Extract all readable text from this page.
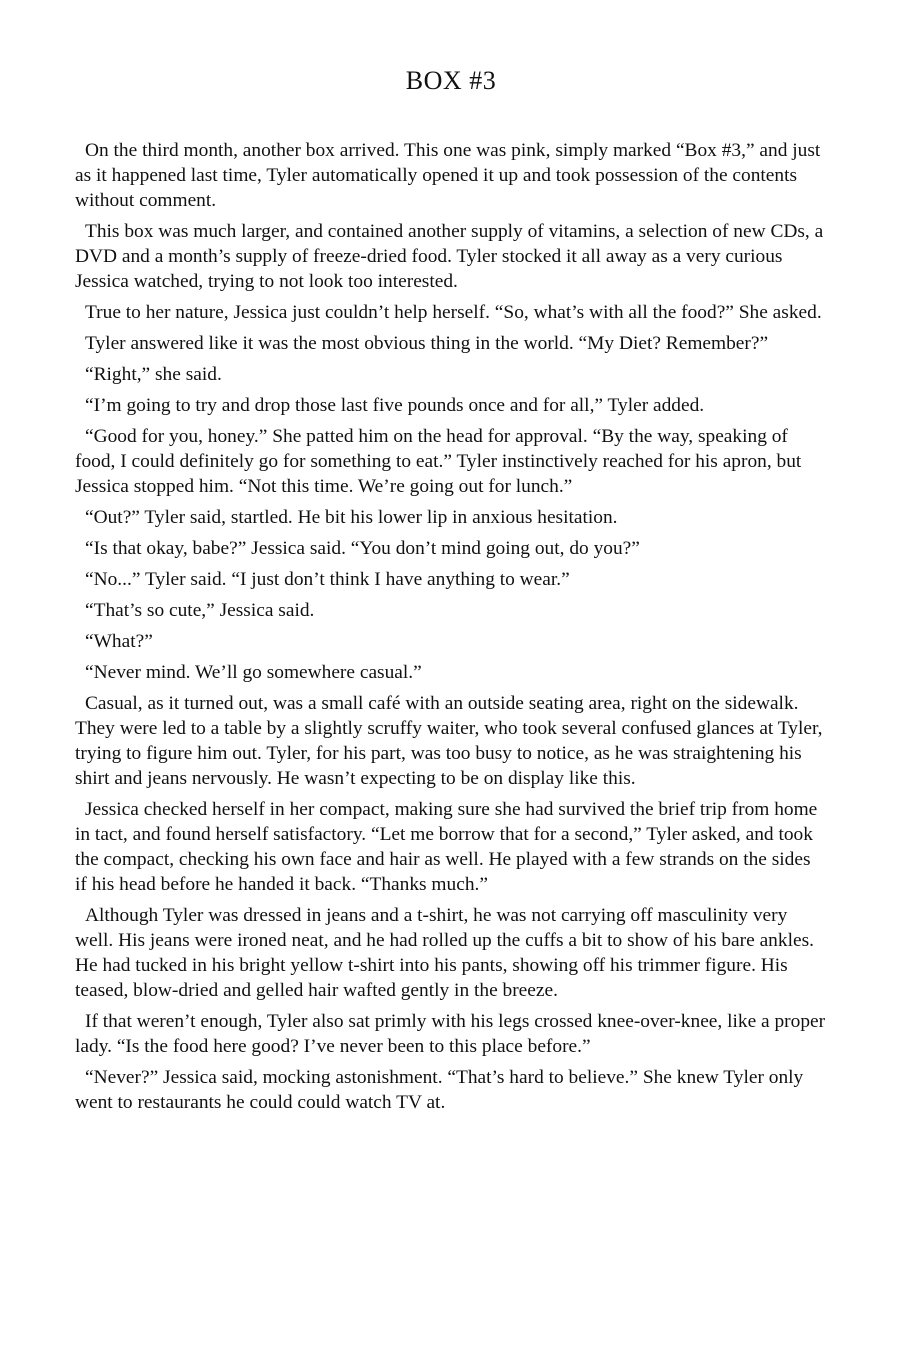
BOX #3

On the third month, another box arrived. This one was pink, simply marked “Box #3,” and just as it happened last time, Tyler automatically opened it up and took possession of the contents without comment.

This box was much larger, and contained another supply of vitamins, a selection of new CDs, a DVD and a month’s supply of freeze-dried food. Tyler stocked it all away as a very curious Jessica watched, trying to not look too interested.

True to her nature, Jessica just couldn’t help herself. “So, what’s with all the food?” She asked.

Tyler answered like it was the most obvious thing in the world. “My Diet? Remember?”

“Right,” she said.

“I’m going to try and drop those last five pounds once and for all,” Tyler added.

“Good for you, honey.” She patted him on the head for approval. “By the way, speaking of food, I could definitely go for something to eat.” Tyler instinctively reached for his apron, but Jessica stopped him. “Not this time. We’re going out for lunch.”

“Out?” Tyler said, startled. He bit his lower lip in anxious hesitation.

“Is that okay, babe?” Jessica said. “You don’t mind going out, do you?”

“No...” Tyler said. “I just don’t think I have anything to wear.”

“That’s so cute,” Jessica said.

“What?”

“Never mind. We’ll go somewhere casual.”

Casual, as it turned out, was a small café with an outside seating area, right on the sidewalk. They were led to a table by a slightly scruffy waiter, who took several confused glances at Tyler, trying to figure him out. Tyler, for his part, was too busy to notice, as he was straightening his shirt and jeans nervously. He wasn’t expecting to be on display like this.

Jessica checked herself in her compact, making sure she had survived the brief trip from home in tact, and found herself satisfactory. “Let me borrow that for a second,” Tyler asked, and took the compact, checking his own face and hair as well. He played with a few strands on the sides if his head before he handed it back. “Thanks much.”

Although Tyler was dressed in jeans and a t-shirt, he was not carrying off masculinity very well. His jeans were ironed neat, and he had rolled up the cuffs a bit to show of his bare ankles. He had tucked in his bright yellow t-shirt into his pants, showing off his trimmer figure. His teased, blow-dried and gelled hair wafted gently in the breeze.

If that weren’t enough, Tyler also sat primly with his legs crossed knee-over-knee, like a proper lady. “Is the food here good? I’ve never been to this place before.”

“Never?” Jessica said, mocking astonishment. “That’s hard to believe.” She knew Tyler only went to restaurants he could could watch TV at.
